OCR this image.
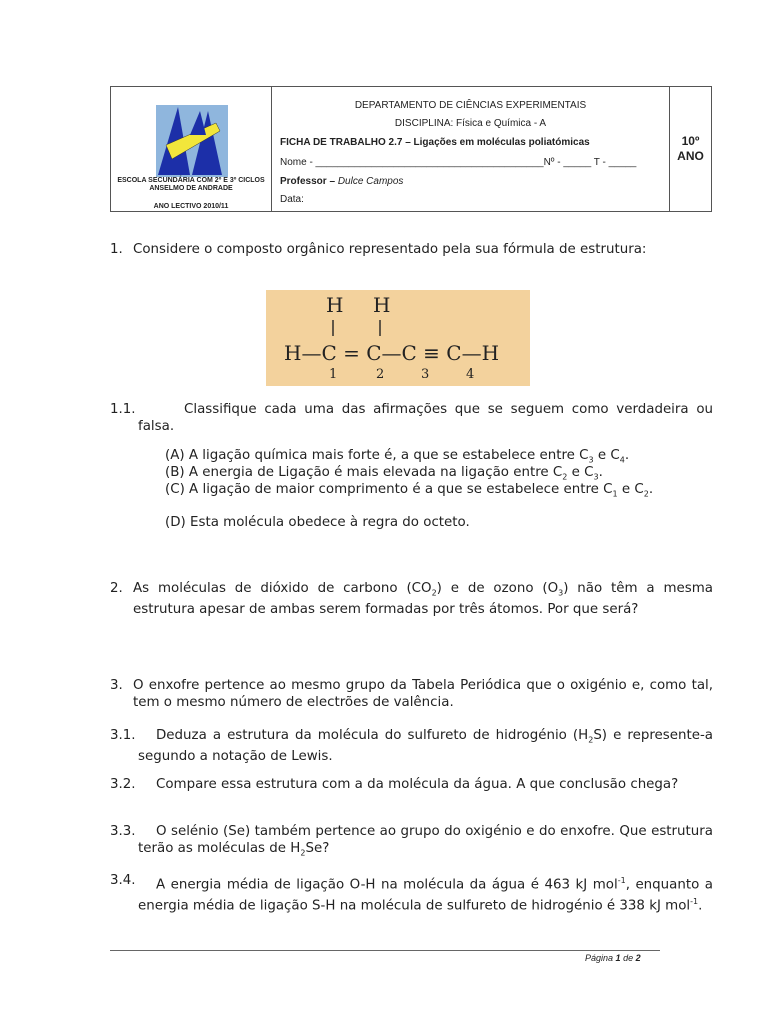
ESCOLA SECUNDÁRIA COM 2º E 3º CICLOS ANSELMO DE ANDRADE
ANO LECTIVO 2010/11
DEPARTAMENTO DE CIÊNCIAS EXPERIMENTAIS
DISCIPLINA: Física e Química - A
FICHA DE TRABALHO 2.7 – Ligações em moléculas poliatómicas
Nome - _________________________________________Nº - _____ T - _____
Professor – Dulce Campos
Data:
10º
ANO
1. Considere o composto orgânico representado pela sua fórmula de estrutura:
H H
H—C = C—C ≡ C—H
1	2	3	4
1.1.	Classifique cada uma das afirmações que se seguem como verdadeira ou falsa.
(A) A ligação química mais forte é, a que se estabelece entre $C_3$ e $C_4$.
(B) A energia de Ligação é mais elevada na ligação entre $C_2$ e $C_3$.
(C) A ligação de maior comprimento é a que se estabelece entre $C_1$ e $C_2$.
(D) Esta molécula obedece à regra do octeto.
2. As moléculas de dióxido de carbono $(CO_2)$ e de ozono $(O_3)$ não têm a mesma estrutura apesar de ambas serem formadas por três átomos. Por que será?
3. O enxofre pertence ao mesmo grupo da Tabela Periódica que o oxigénio e, como tal, tem o mesmo número de electrões de valência.
3.1.	Deduza a estrutura da molécula do sulfureto de hidrogénio $(H_2S)$ e represente-a segundo a notação de Lewis.
3.2.	Compare essa estrutura com a da molécula da água. A que conclusão chega?
3.3.	O selénio (Se) também pertence ao grupo do oxigénio e do enxofre. Que estrutura terão as moléculas de $H_2Se$?
3.4.	A energia média de ligação O-H na molécula da água é 463 kJ mol$^{-1}$, enquanto a energia média de ligação S-H na molécula de sulfureto de hidrogénio é 338 kJ mol$^{-1}$.
Página 1 de 2
